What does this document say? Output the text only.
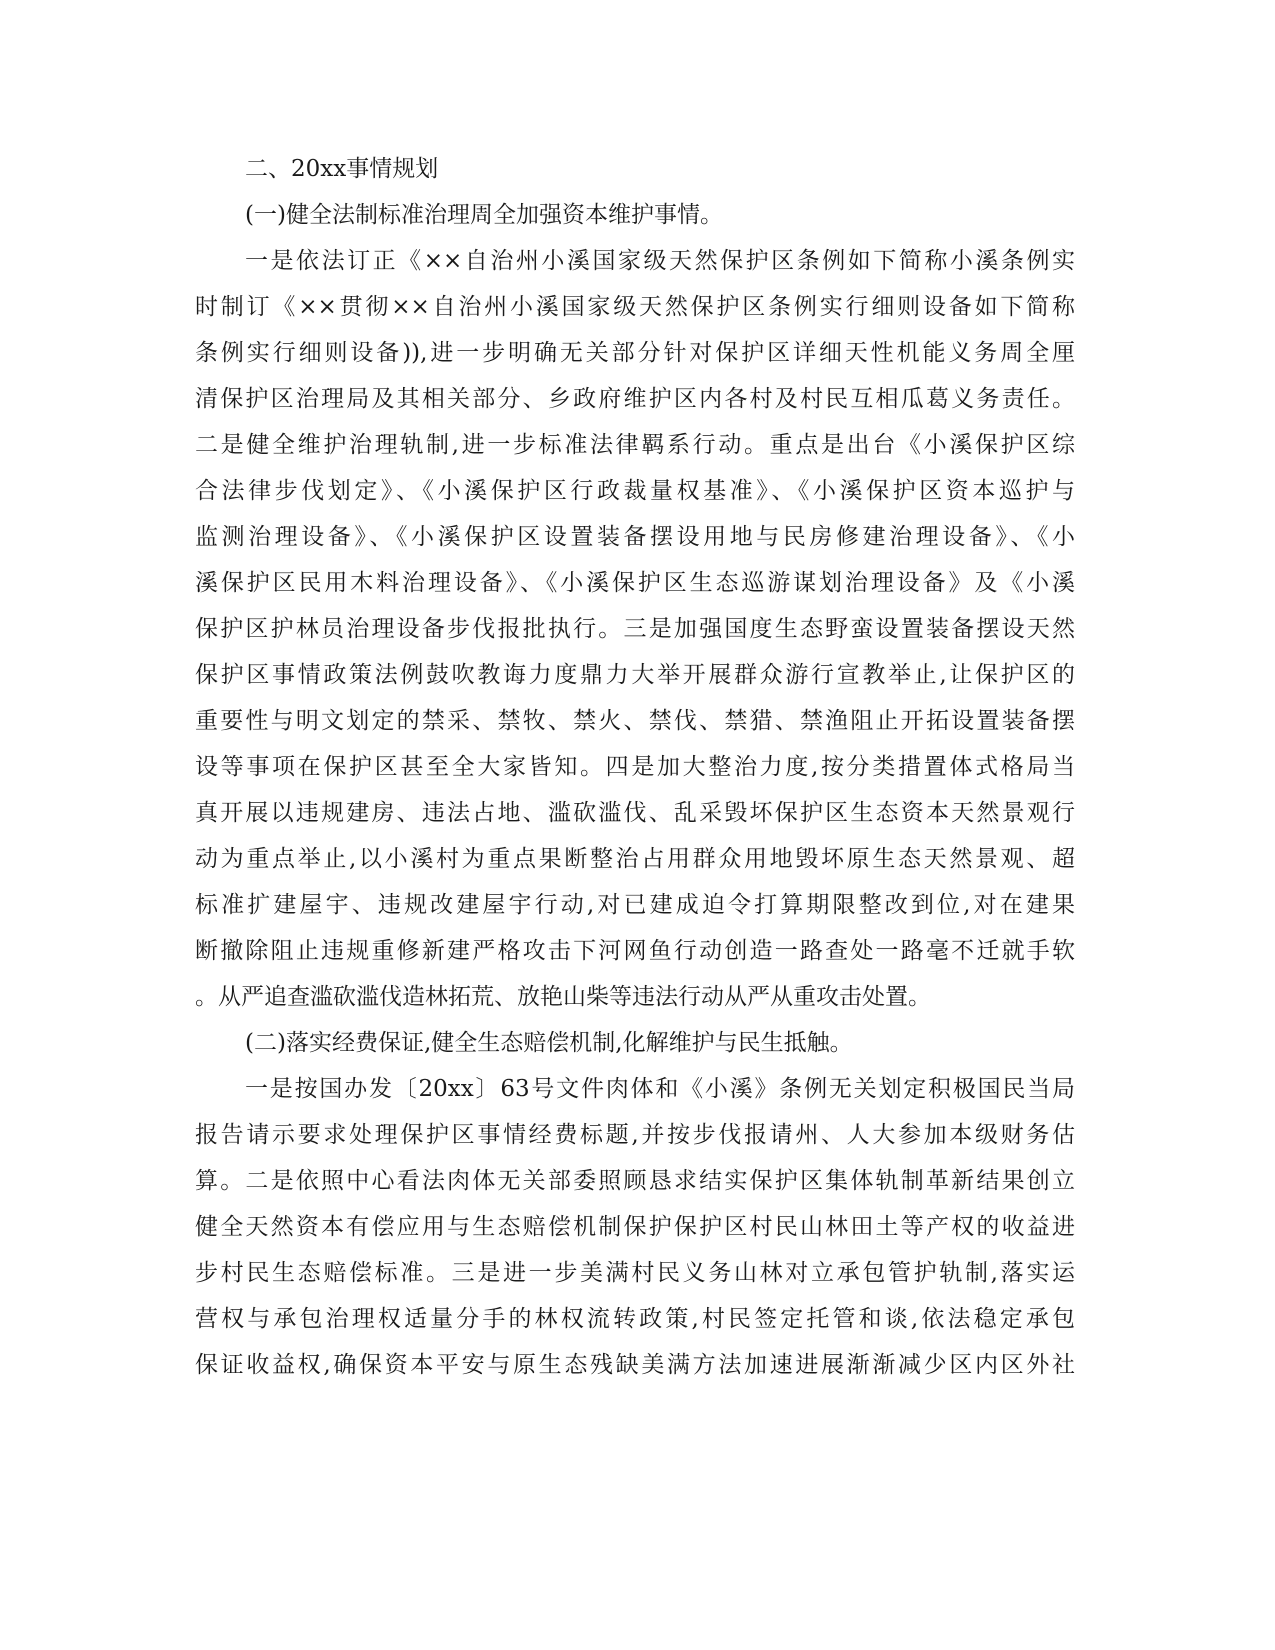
二、20xx事情规划
(一)健全法制标准治理周全加强资本维护事情。
一是依法订正《××自治州小溪国家级天然保护区条例如下简称小溪条例实
时制订《××贯彻××自治州小溪国家级天然保护区条例实行细则设备如下简称
条例实行细则设备)),进一步明确无关部分针对保护区详细天性机能义务周全厘
清保护区治理局及其相关部分、乡政府维护区内各村及村民互相瓜葛义务责任。
二是健全维护治理轨制,进一步标准法律羁系行动。重点是出台《小溪保护区综
合法律步伐划定》、《小溪保护区行政裁量权基准》、《小溪保护区资本巡护与
监测治理设备》、《小溪保护区设置装备摆设用地与民房修建治理设备》、《小
溪保护区民用木料治理设备》、《小溪保护区生态巡游谋划治理设备》及《小溪
保护区护林员治理设备步伐报批执行。三是加强国度生态野蛮设置装备摆设天然
保护区事情政策法例鼓吹教诲力度鼎力大举开展群众游行宣教举止,让保护区的
重要性与明文划定的禁采、禁牧、禁火、禁伐、禁猎、禁渔阻止开拓设置装备摆
设等事项在保护区甚至全大家皆知。四是加大整治力度,按分类措置体式格局当
真开展以违规建房、违法占地、滥砍滥伐、乱采毁坏保护区生态资本天然景观行
动为重点举止,以小溪村为重点果断整治占用群众用地毁坏原生态天然景观、超
标准扩建屋宇、违规改建屋宇行动,对已建成迫令打算期限整改到位,对在建果
断撤除阻止违规重修新建严格攻击下河网鱼行动创造一路查处一路毫不迁就手软
。从严追查滥砍滥伐造林拓荒、放艳山柴等违法行动从严从重攻击处置。
(二)落实经费保证,健全生态赔偿机制,化解维护与民生抵触。
一是按国办发〔20xx〕63号文件肉体和《小溪》条例无关划定积极国民当局
报告请示要求处理保护区事情经费标题,并按步伐报请州、人大参加本级财务估
算。二是依照中心看法肉体无关部委照顾恳求结实保护区集体轨制革新结果创立
健全天然资本有偿应用与生态赔偿机制保护保护区村民山林田土等产权的收益进
步村民生态赔偿标准。三是进一步美满村民义务山林对立承包管护轨制,落实运
营权与承包治理权适量分手的林权流转政策,村民签定托管和谈,依法稳定承包
保证收益权,确保资本平安与原生态残缺美满方法加速进展渐渐减少区内区外社
